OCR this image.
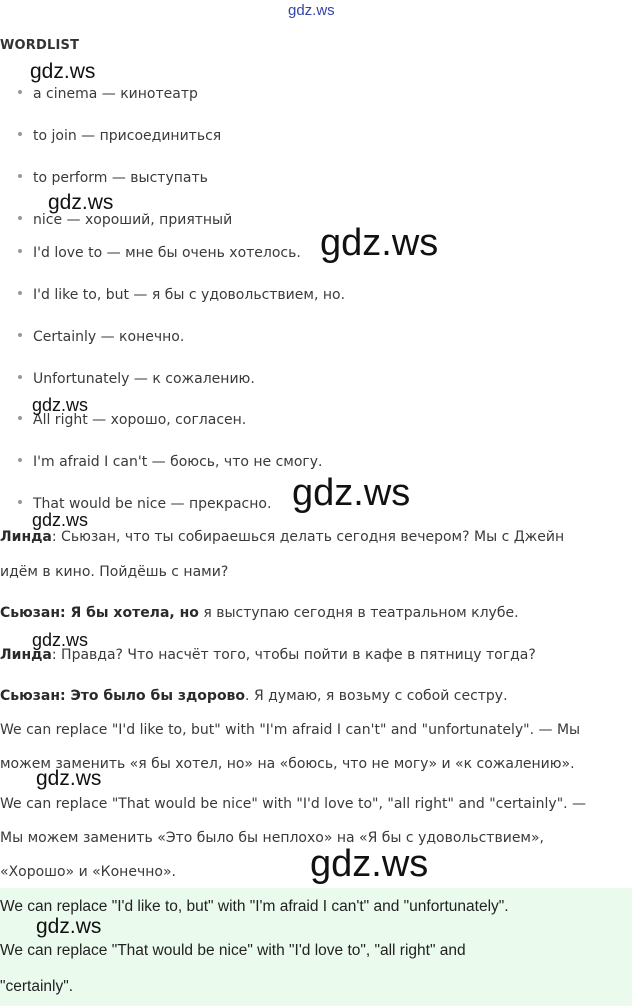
gdz.ws
WORDLIST
a cinema — кинотеатр
to join — присоединиться
to perform — выступать
nice — хороший, приятный
I'd love to — мне бы очень хотелось.
I'd like to, but — я бы с удовольствием, но.
Certainly — конечно.
Unfortunately — к сожалению.
All right — хорошо, согласен.
I'm afraid I can't — боюсь, что не смогу.
That would be nice — прекрасно.
Линда: Сьюзан, что ты собираешься делать сегодня вечером? Мы с Джейн
идём в кино. Пойдёшь с нами?
Сьюзан: Я бы хотела, но я выступаю сегодня в театральном клубе.
Линда: Правда? Что насчёт того, чтобы пойти в кафе в пятницу тогда?
Сьюзан: Это было бы здорово. Я думаю, я возьму с собой сестру.
We can replace "I'd like to, but" with "I'm afraid I can't" and "unfortunately". — Мы
можем заменить «я бы хотел, но» на «боюсь, что не могу» и «к сожалению».
We can replace "That would be nice" with "I'd love to", "all right" and "certainly". —
Мы можем заменить «Это было бы неплохо» на «Я бы с удовольствием»,
«Хорошо» и «Конечно».
We can replace "I'd like to, but" with "I'm afraid I can't" and "unfortunately".
We can replace "That would be nice" with "I'd love to", "all right" and
"certainly".
gdz.ws
gdz.ws
gdz.ws
gdz.ws
gdz.ws
gdz.ws
gdz.ws
gdz.ws
gdz.ws
gdz.ws
